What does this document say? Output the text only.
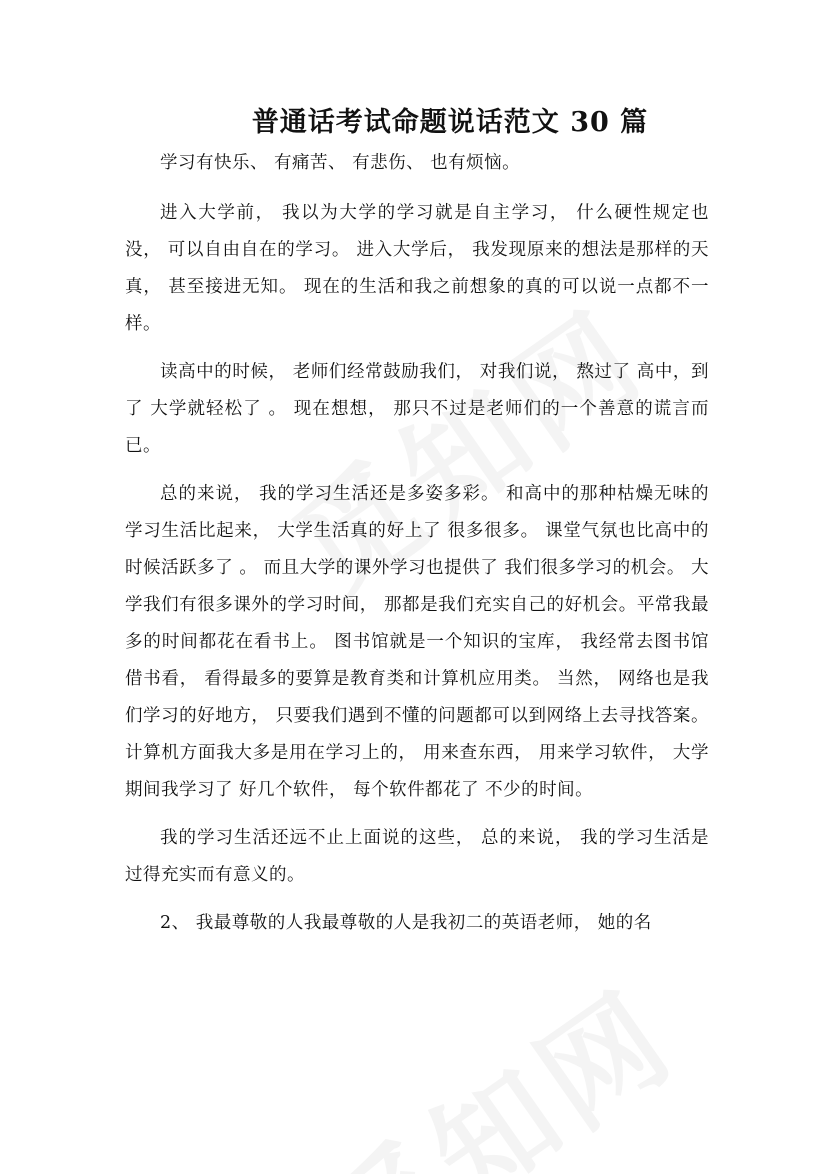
普通话考试命题说话范文 30 篇

学习有快乐、 有痛苦、 有悲伤、 也有烦恼。

进入大学前， 我以为大学的学习就是自主学习， 什么硬性规定也没， 可以自由自在的学习。 进入大学后， 我发现原来的想法是那样的天真， 甚至接进无知。 现在的生活和我之前想象的真的可以说一点都不一样。

读高中的时候， 老师们经常鼓励我们， 对我们说， 熬过了 高中，到了 大学就轻松了 。 现在想想， 那只不过是老师们的一个善意的谎言而已。

总的来说， 我的学习生活还是多姿多彩。 和高中的那种枯燥无味的学习生活比起来， 大学生活真的好上了 很多很多。 课堂气氛也比高中的时候活跃多了 。 而且大学的课外学习也提供了 我们很多学习的机会。 大学我们有很多课外的学习时间， 那都是我们充实自己的好机会。平常我最多的时间都花在看书上。 图书馆就是一个知识的宝库， 我经常去图书馆借书看， 看得最多的要算是教育类和计算机应用类。 当然， 网络也是我们学习的好地方， 只要我们遇到不懂的问题都可以到网络上去寻找答案。 计算机方面我大多是用在学习上的， 用来查东西， 用来学习软件， 大学期间我学习了 好几个软件， 每个软件都花了 不少的时间。

我的学习生活还远不止上面说的这些， 总的来说， 我的学习生活是过得充实而有意义的。

2、 我最尊敬的人我最尊敬的人是我初二的英语老师， 她的名
